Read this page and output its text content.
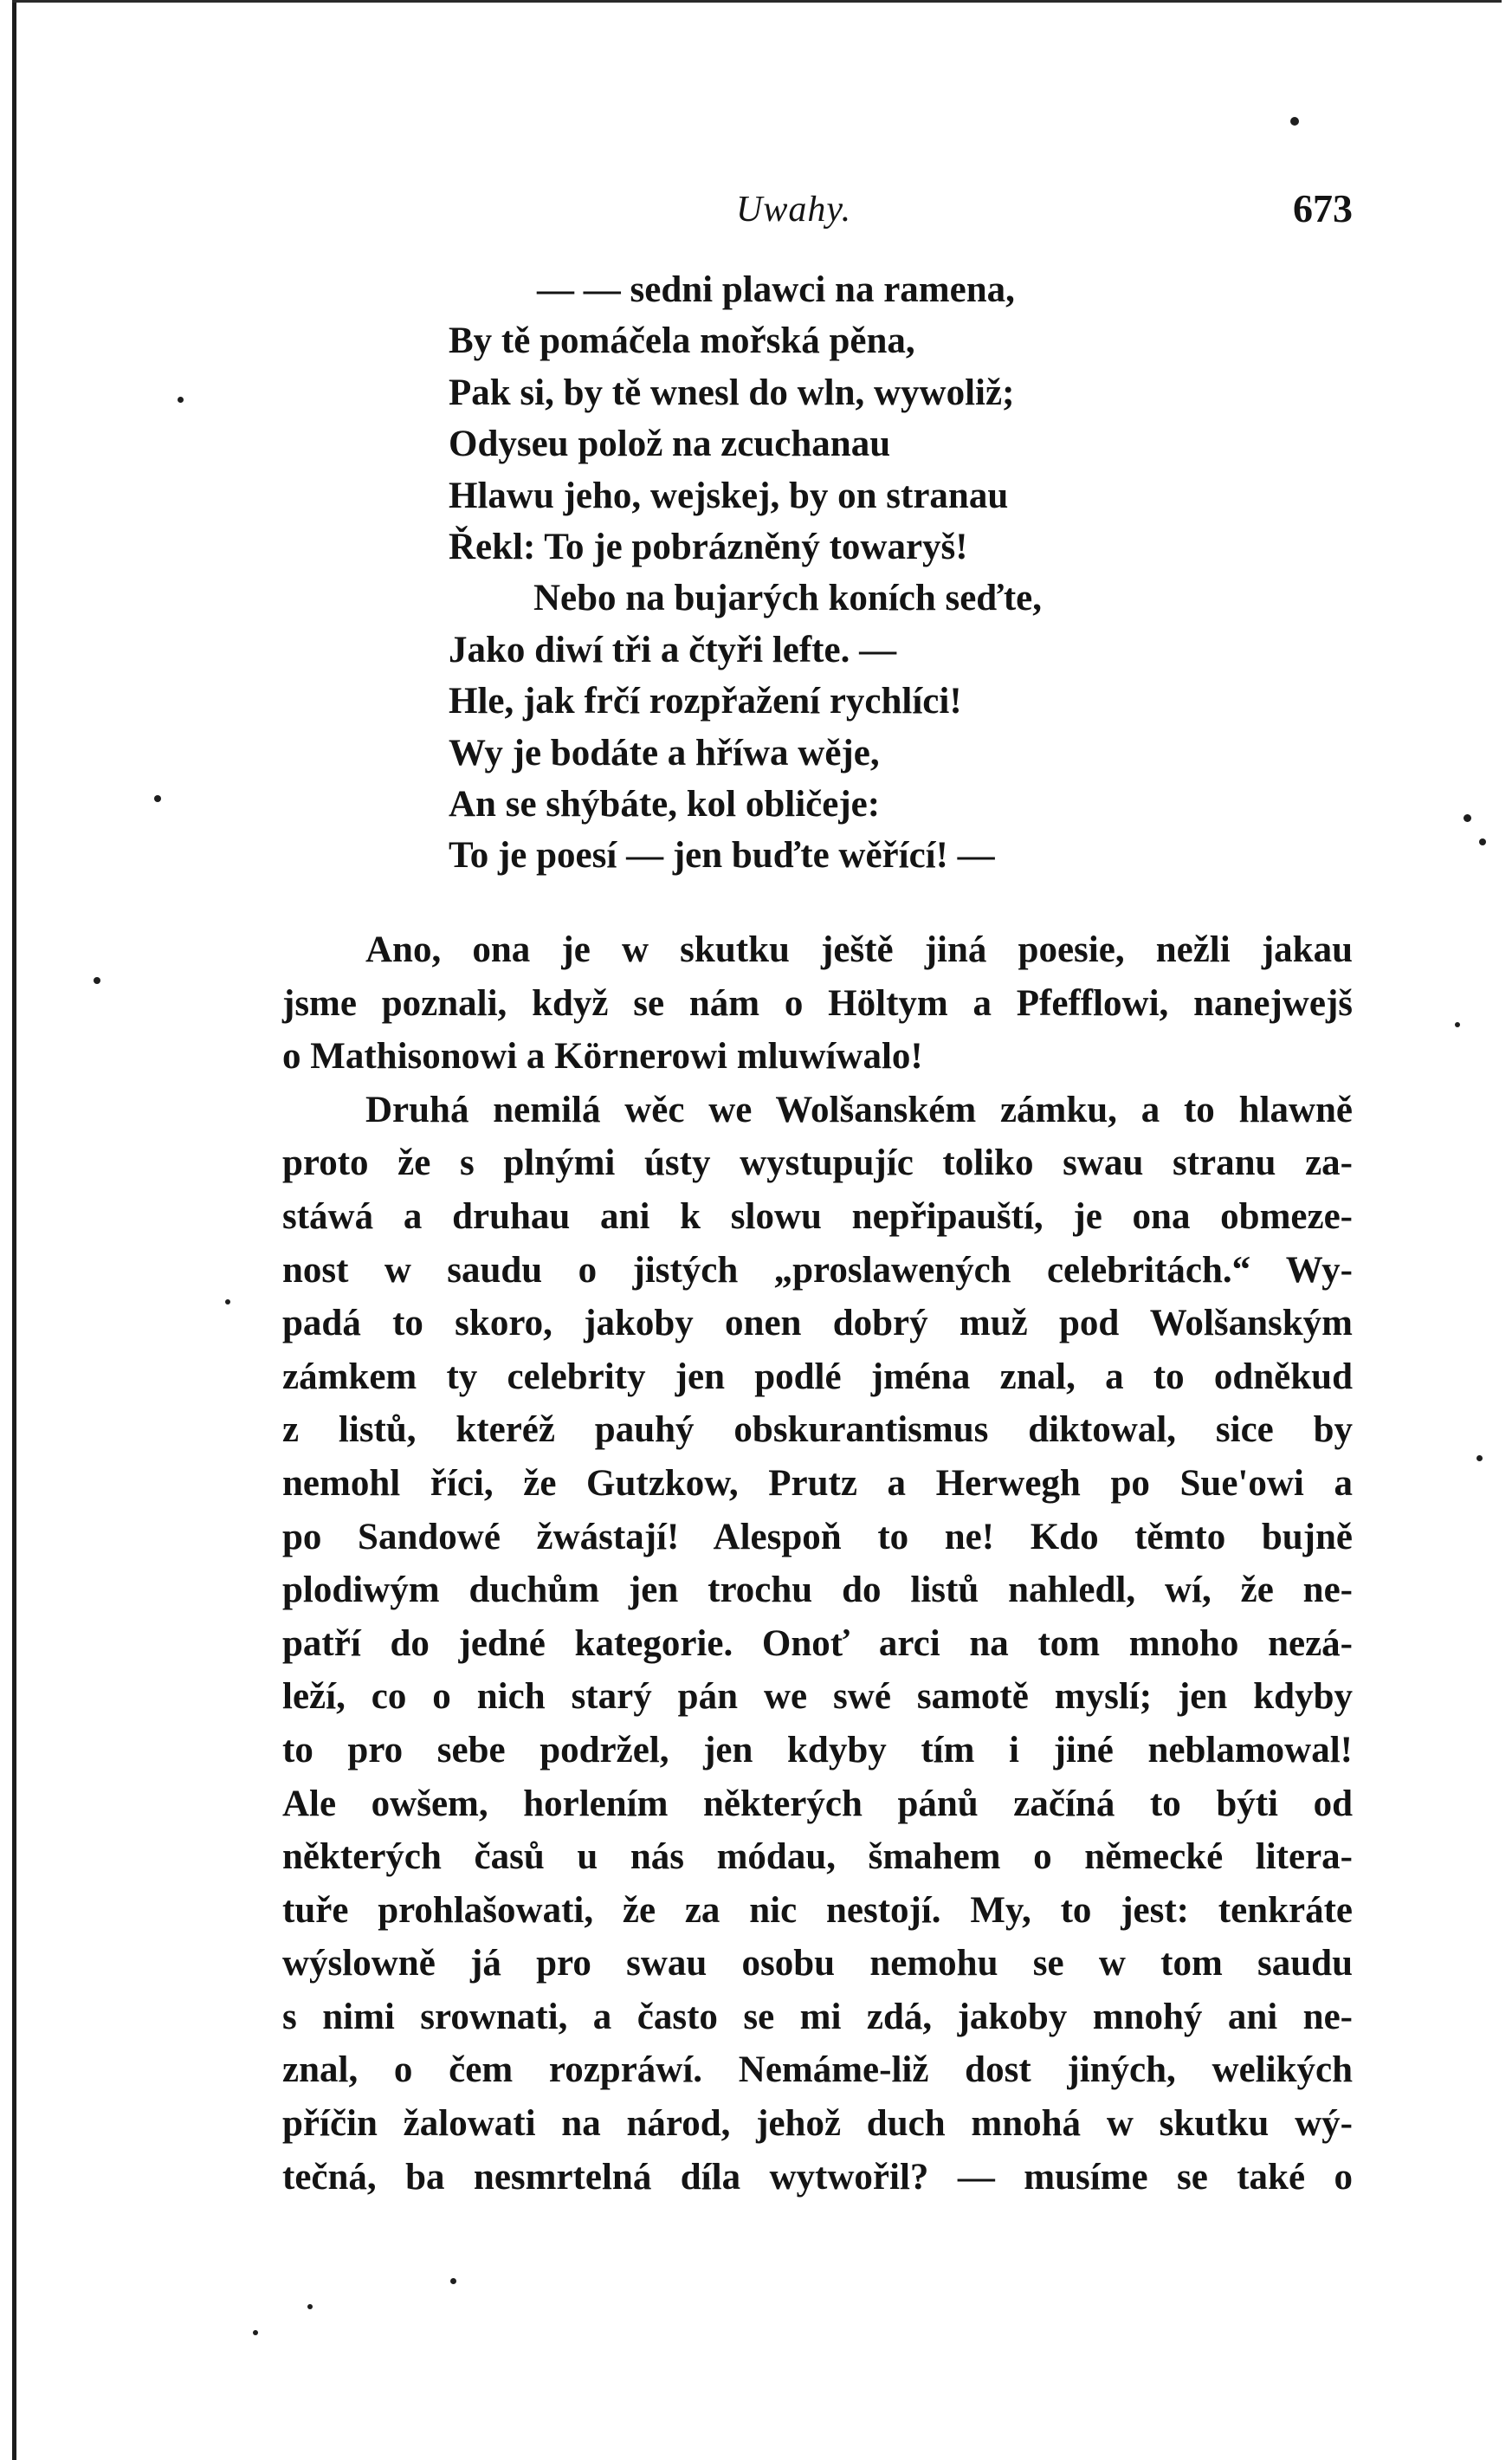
Uwahy.	673
— — sedni plawci na ramena,
By tě pomáčela mořská pěna,
Pak si, by tě wnesl do wln, wywoliž;
Odyseu polož na zcuchanau
Hlawu jeho, wejskej, by on stranau
Řekl: To je pobrázněný towaryš!
Nebo na bujarých koních seďte,
Jako diwí tři a čtyři lefte. —
Hle, jak frčí rozpřažení rychlíci!
Wy je bodáte a hříwa wěje,
An se shýbáte, kol obličeje:
To je poesí — jen buďte wěřící! —
Ano, ona je w skutku ještě jiná poesie, nežli jakau
jsme poznali, když se nám o Höltym a Pfefflowi, nanejwejš
o Mathisonowi a Körnerowi mluwíwalo!
Druhá nemilá wěc we Wolšanském zámku, a to hlawně
proto že s plnými ústy wystupujíc toliko swau stranu za-
stáwá a druhau ani k slowu nepřipauští, je ona obmeze-
nost w saudu o jistých „proslawených celebritách.“ Wy-
padá to skoro, jakoby onen dobrý muž pod Wolšanským
zámkem ty celebrity jen podlé jména znal, a to odněkud
z listů, kteréž pauhý obskurantismus diktowal, sice by
nemohl říci, že Gutzkow, Prutz a Herwegh po Sue'owi a
po Sandowé žwástají! Alespoň to ne! Kdo těmto bujně
plodiwým duchům jen trochu do listů nahledl, wí, že ne-
patří do jedné kategorie. Onoť arci na tom mnoho nezá-
leží, co o nich starý pán we swé samotě myslí; jen kdyby
to pro sebe podržel, jen kdyby tím i jiné neblamowal!
Ale owšem, horlením některých pánů začíná to býti od
některých časů u nás módau, šmahem o německé litera-
tuře prohlašowati, že za nic nestojí. My, to jest: tenkráte
wýslowně já pro swau osobu nemohu se w tom saudu
s nimi srownati, a často se mi zdá, jakoby mnohý ani ne-
znal, o čem rozpráwí. Nemáme-liž dost jiných, welikých
příčin žalowati na národ, jehož duch mnohá w skutku wý-
tečná, ba nesmrtelná díla wytwořil? — musíme se také o
